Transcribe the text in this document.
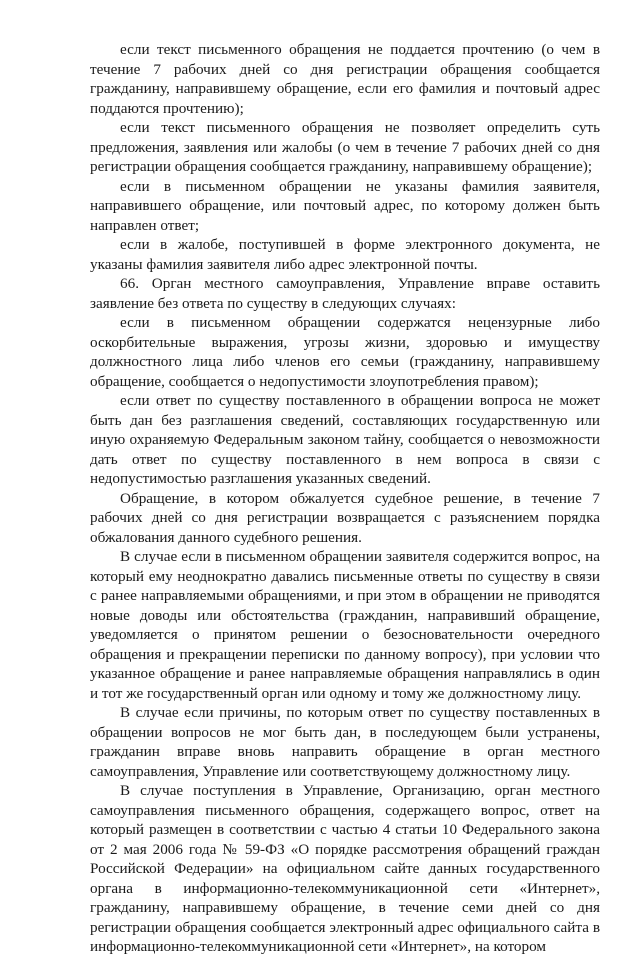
если текст письменного обращения не поддается прочтению (о чем в течение 7 рабочих дней со дня регистрации обращения сообщается гражданину, направившему обращение, если его фамилия и почтовый адрес поддаются прочтению);

если текст письменного обращения не позволяет определить суть предложения, заявления или жалобы (о чем в течение 7 рабочих дней со дня регистрации обращения сообщается гражданину, направившему обращение);

если в письменном обращении не указаны фамилия заявителя, направившего обращение, или почтовый адрес, по которому должен быть направлен ответ;

если в жалобе, поступившей в форме электронного документа, не указаны фамилия заявителя либо адрес электронной почты.

66. Орган местного самоуправления, Управление вправе оставить заявление без ответа по существу в следующих случаях:

если в письменном обращении содержатся нецензурные либо оскорбительные выражения, угрозы жизни, здоровью и имуществу должностного лица либо членов его семьи (гражданину, направившему обращение, сообщается о недопустимости злоупотребления правом);

если ответ по существу поставленного в обращении вопроса не может быть дан без разглашения сведений, составляющих государственную или иную охраняемую Федеральным законом тайну, сообщается о невозможности дать ответ по существу поставленного в нем вопроса в связи с недопустимостью разглашения указанных сведений.

Обращение, в котором обжалуется судебное решение, в течение 7 рабочих дней со дня регистрации возвращается с разъяснением порядка обжалования данного судебного решения.

В случае если в письменном обращении заявителя содержится вопрос, на который ему неоднократно давались письменные ответы по существу в связи с ранее направляемыми обращениями, и при этом в обращении не приводятся новые доводы или обстоятельства (гражданин, направивший обращение, уведомляется о принятом решении о безосновательности очередного обращения и прекращении переписки по данному вопросу), при условии что указанное обращение и ранее направляемые обращения направлялись в один и тот же государственный орган или одному и тому же должностному лицу.

В случае если причины, по которым ответ по существу поставленных в обращении вопросов не мог быть дан, в последующем были устранены, гражданин вправе вновь направить обращение в орган местного самоуправления, Управление или соответствующему должностному лицу.

В случае поступления в Управление, Организацию, орган местного самоуправления письменного обращения, содержащего вопрос, ответ на который размещен в соответствии с частью 4 статьи 10 Федерального закона от 2 мая 2006 года № 59-ФЗ «О порядке рассмотрения обращений граждан Российской Федерации» на официальном сайте данных государственного органа в информационно-телекоммуникационной сети «Интернет», гражданину, направившему обращение, в течение семи дней со дня регистрации обращения сообщается электронный адрес официального сайта в информационно-телекоммуникационной сети «Интернет», на котором
